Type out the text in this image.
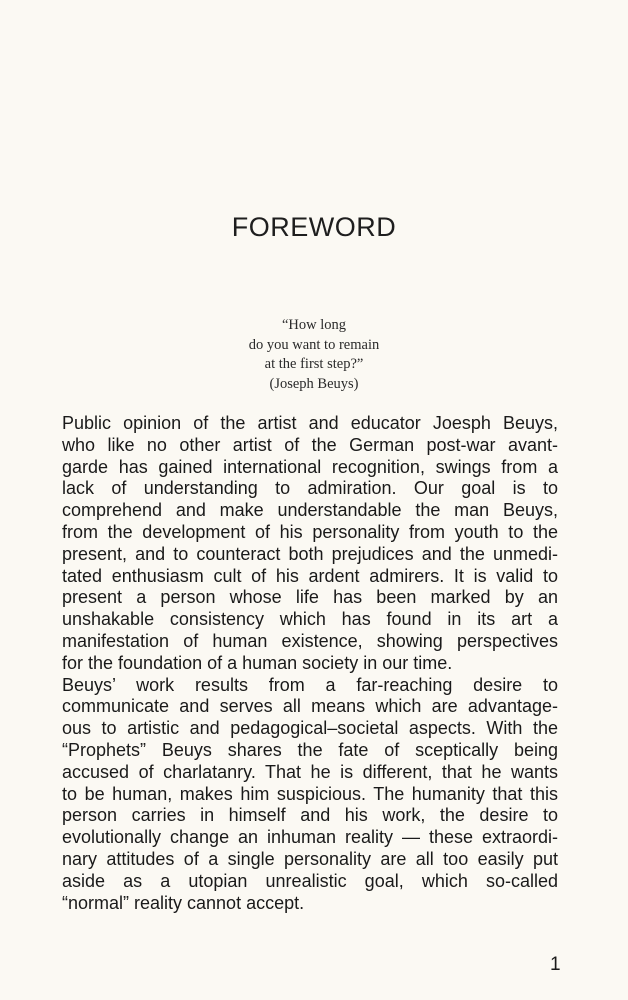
FOREWORD
“How long
do you want to remain
at the first step?”
(Joseph Beuys)
Public opinion of the artist and educator Joesph Beuys,
who like no other artist of the German post-war avant-
garde has gained international recognition, swings from a
lack of understanding to admiration. Our goal is to
comprehend and make understandable the man Beuys,
from the development of his personality from youth to the
present, and to counteract both prejudices and the unmedi-
tated enthusiasm cult of his ardent admirers. It is valid to
present a person whose life has been marked by an
unshakable consistency which has found in its art a
manifestation of human existence, showing perspectives
for the foundation of a human society in our time.
Beuys’ work results from a far-reaching desire to
communicate and serves all means which are advantage-
ous to artistic and pedagogical–societal aspects. With the
“Prophets” Beuys shares the fate of sceptically being
accused of charlatanry. That he is different, that he wants
to be human, makes him suspicious. The humanity that this
person carries in himself and his work, the desire to
evolutionally change an inhuman reality — these extraordi-
nary attitudes of a single personality are all too easily put
aside as a utopian unrealistic goal, which so-called
“normal” reality cannot accept.
1
